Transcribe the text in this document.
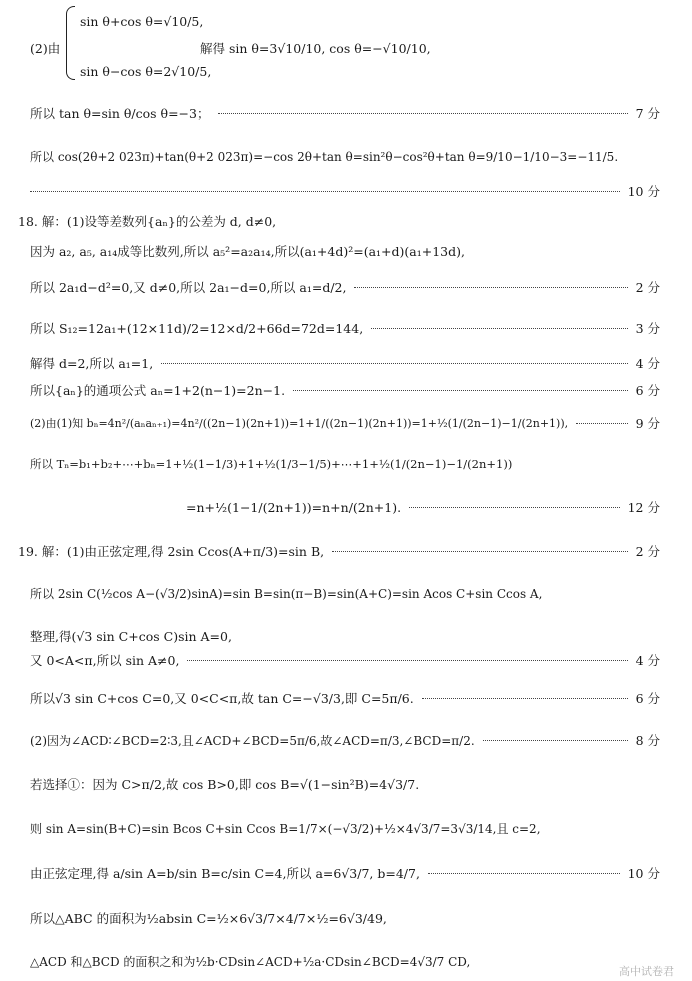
(2)由
sin θ+cos θ=√10/5,
sin θ−cos θ=2√10/5,
解得 sin θ=3√10/10, cos θ=−√10/10,
所以 tan θ=sin θ/cos θ=−3；	7 分
所以 cos(2θ+2 023π)+tan(θ+2 023π)=−cos 2θ+tan θ=sin²θ−cos²θ+tan θ=9/10−1/10−3=−11/5.
10 分
18. 解：(1)设等差数列{aₙ}的公差为 d, d≠0,
因为 a₂, a₅, a₁₄成等比数列,所以 a₅²=a₂a₁₄,所以(a₁+4d)²=(a₁+d)(a₁+13d),
所以 2a₁d−d²=0,又 d≠0,所以 2a₁−d=0,所以 a₁=d/2,	2 分
所以 S₁₂=12a₁+(12×11d)/2=12×d/2+66d=72d=144,	3 分
解得 d=2,所以 a₁=1,	4 分
所以{aₙ}的通项公式 aₙ=1+2(n−1)=2n−1.	6 分
(2)由(1)知 bₙ=4n²/(aₙaₙ₊₁)=4n²/((2n−1)(2n+1))=1+1/((2n−1)(2n+1))=1+½(1/(2n−1)−1/(2n+1)),	9 分
所以 Tₙ=b₁+b₂+⋯+bₙ=1+½(1−1/3)+1+½(1/3−1/5)+⋯+1+½(1/(2n−1)−1/(2n+1))
=n+½(1−1/(2n+1))=n+n/(2n+1).	12 分
19. 解：(1)由正弦定理,得 2sin Ccos(A+π/3)=sin B,	2 分
所以 2sin C(½cos A−(√3/2)sinA)=sin B=sin(π−B)=sin(A+C)=sin Acos C+sin Ccos A,
整理,得(√3 sin C+cos C)sin A=0,
又 0<A<π,所以 sin A≠0,	4 分
所以√3 sin C+cos C=0,又 0<C<π,故 tan C=−√3/3,即 C=5π/6.	6 分
(2)因为∠ACD∶∠BCD=2∶3,且∠ACD+∠BCD=5π/6,故∠ACD=π/3,∠BCD=π/2.	8 分
若选择①：因为 C>π/2,故 cos B>0,即 cos B=√(1−sin²B)=4√3/7.
则 sin A=sin(B+C)=sin Bcos C+sin Ccos B=1/7×(−√3/2)+½×4√3/7=3√3/14,且 c=2,
由正弦定理,得 a/sin A=b/sin B=c/sin C=4,所以 a=6√3/7, b=4/7,	10 分
所以△ABC 的面积为½absin C=½×6√3/7×4/7×½=6√3/49,
△ACD 和△BCD 的面积之和为½b·CDsin∠ACD+½a·CDsin∠BCD=4√3/7 CD,
高中试卷君
